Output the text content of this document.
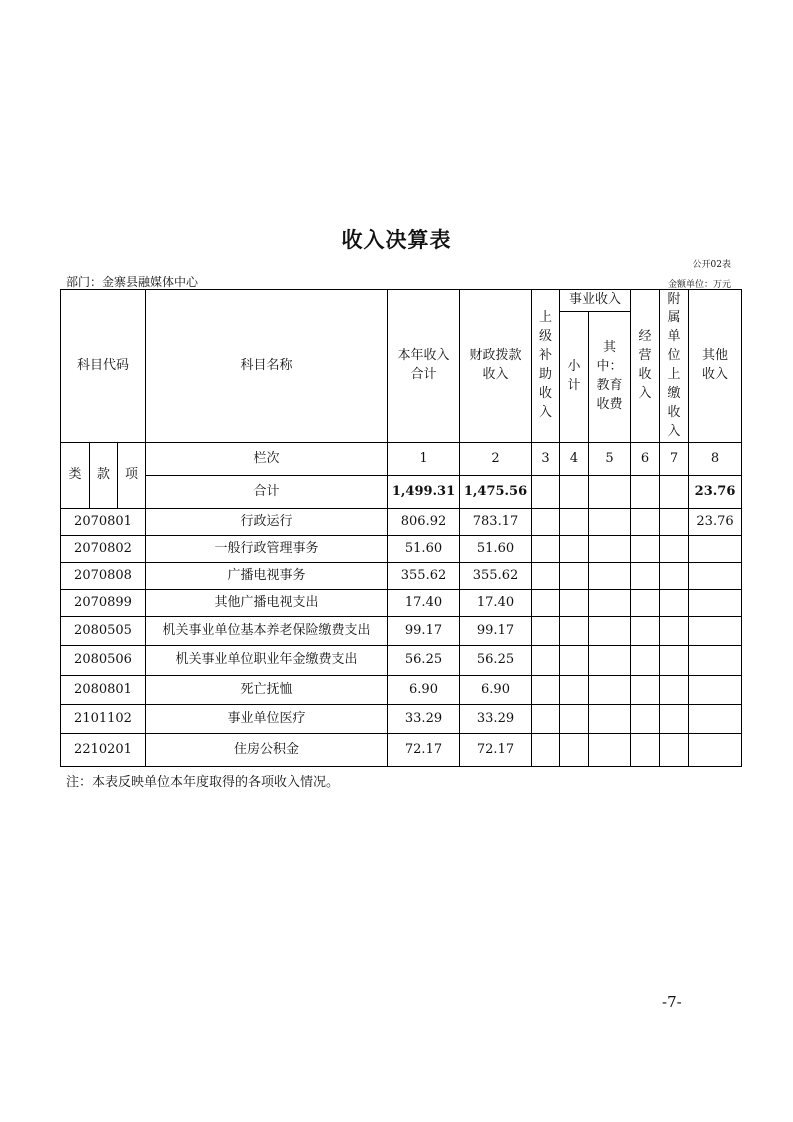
收入决算表
公开02表
部门：金寨县融媒体中心	金额单位：万元
科目代码			科目名称	本年收入合计	财政拨款收入	上级补助收入	事业收入		经营收入	附属单位上缴收入	其他收入
							小计	其中：教育收费			
类	款	项	栏次	1	2	3	4	5	6	7	8
			合计	1,499.31	1,475.56						23.76
2070801			行政运行	806.92	783.17						23.76
2070802			一般行政管理事务	51.60	51.60						
2070808			广播电视事务	355.62	355.62						
2070899			其他广播电视支出	17.40	17.40						
2080505			机关事业单位基本养老保险缴费支出	99.17	99.17						
2080506			机关事业单位职业年金缴费支出	56.25	56.25						
2080801			死亡抚恤	6.90	6.90						
2101102			事业单位医疗	33.29	33.29						
2210201			住房公积金	72.17	72.17						
注：本表反映单位本年度取得的各项收入情况。
-7-
